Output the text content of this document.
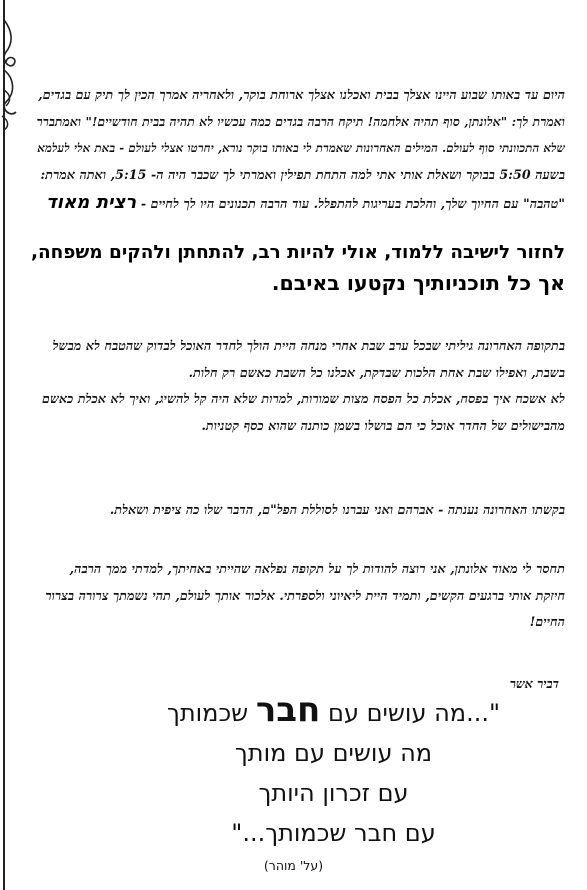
היום עד באותו שבוע היינו אצלך בבית ואכלנו אצלך ארוחת בוקר, ולאחריה אמרך הכין לך תיק עם בגדים,
ואמרת לך: "אלונתן, סוף תהיה אלחמה! תיקח הרבה בגדים כמה עכשיו לא תהיה בבית חודשיים!" ואמתברר
שלא התכוונתי סוף לעולם. המילים האחרונות שאמרת לי באותו בוקר נורא, יחרטו אצלי לעולם - באת אלי לעלמא
בשעה 5:50 בבוקר ושאלת אותי אתי למה התחת תפילין ואמרתי לך שכבר היה ה- 5:15, ואתה אמרת:
"טהבה" עם החיוך שלך, והלכת בעריגות להתפלל. עוד הרבה תכנונים היו לך לחיים - רצית מאוד
לחזור לישיבה ללמוד, אולי להיות רב, להתחתן ולהקים משפחה,
אך כל תוכניותיך נקטעו באיבם.
בתקופה האחרונה גיליתי שבכל ערב שבת אחרי מנחה היית הולך לחדר האוכל לבדוק שהטבח לא מבשל
בשבת, ואפילו שבת אחת הלכות שבדקת, אכלנו כל השבת כאשם רק חלות.
לא אשכח איך בפסח, אכלת כל הפסח מצות שמורות, למרות שלא היה קל להשיג, ואיך לא אכלת כאשם
מהבישולים של החדר אוכל כי הם בושלו בשמן כותנה שהוא כסף קטניות.
בקשתו האחרונה נענתה - אברהם ואני עברנו לסוללת הפל"ם, הדבר שלו כה ציפית ושאלת.
תחסר לי מאוד אלונתן, אני רוצה להודות לך על תקופה נפלאה שהייתי באחיתך, למדתי ממך הרבה,
חיזקת אותי ברגעים הקשים, ותמיד היית ליאיוני ולספרתי. אלכור אותך לעולם, תהי נשמתך צרורה בצרור
החיים!
דביר אשר
"...מה עושים עם חבר שכמותך
מה עושים עם מותך
עם זכרון היותך
עם חבר שכמותך..."
(על' מוהר)
